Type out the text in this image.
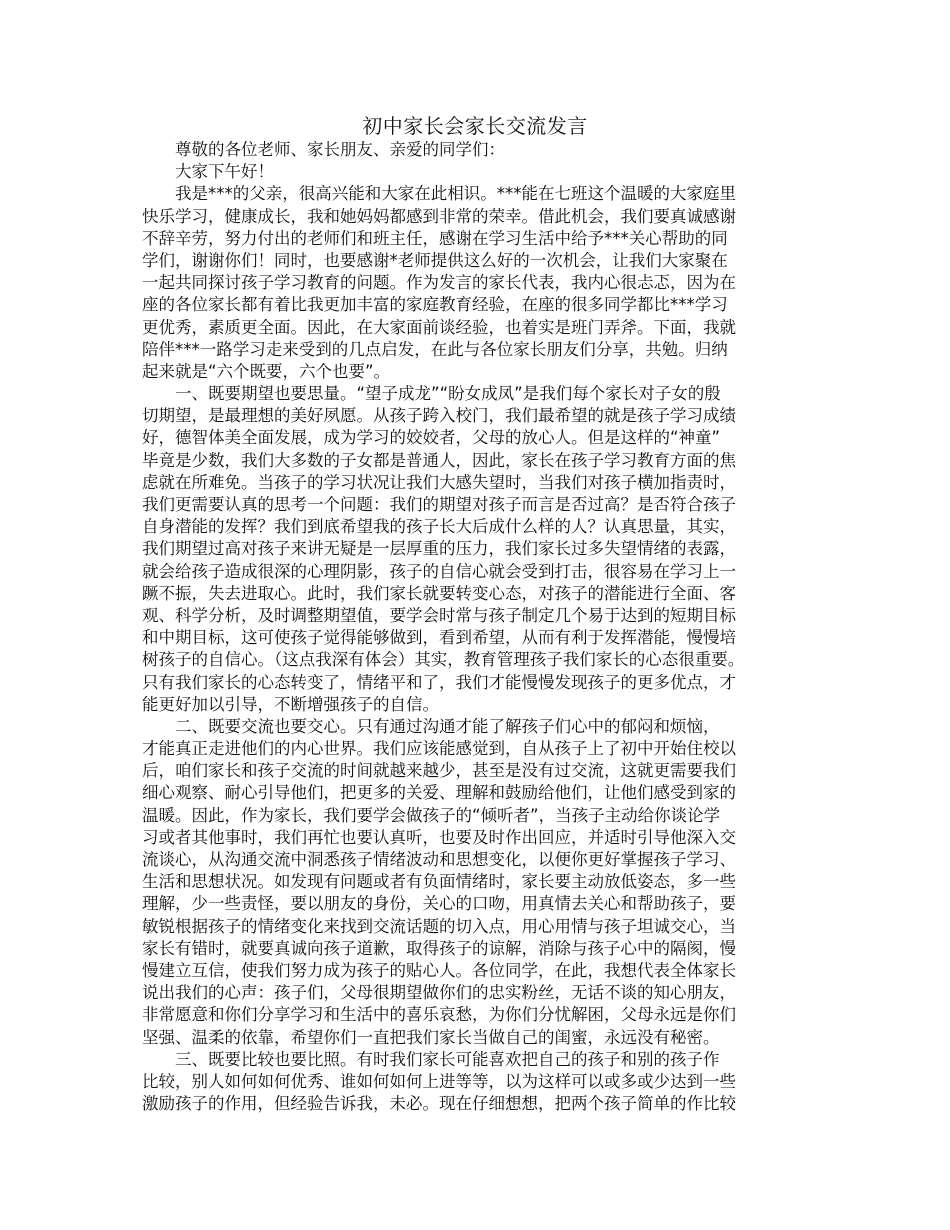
初中家长会家长交流发言
尊敬的各位老师、家长朋友、亲爱的同学们：
大家下午好！
我是***的父亲，很高兴能和大家在此相识。***能在七班这个温暖的大家庭里
快乐学习，健康成长，我和她妈妈都感到非常的荣幸。借此机会，我们要真诚感谢
不辞辛劳，努力付出的老师们和班主任，感谢在学习生活中给予***关心帮助的同
学们，谢谢你们！同时，也要感谢*老师提供这么好的一次机会，让我们大家聚在
一起共同探讨孩子学习教育的问题。作为发言的家长代表，我内心很忐忑，因为在
座的各位家长都有着比我更加丰富的家庭教育经验，在座的很多同学都比***学习
更优秀，素质更全面。因此，在大家面前谈经验，也着实是班门弄斧。下面，我就
陪伴***一路学习走来受到的几点启发，在此与各位家长朋友们分享，共勉。归纳
起来就是“六个既要，六个也要”。
一、既要期望也要思量。“望子成龙”“盼女成凤”是我们每个家长对子女的殷
切期望，是最理想的美好夙愿。从孩子跨入校门，我们最希望的就是孩子学习成绩
好，德智体美全面发展，成为学习的姣姣者，父母的放心人。但是这样的“神童”
毕竟是少数，我们大多数的子女都是普通人，因此，家长在孩子学习教育方面的焦
虑就在所难免。当孩子的学习状况让我们大感失望时，当我们对孩子横加指责时，
我们更需要认真的思考一个问题：我们的期望对孩子而言是否过高？是否符合孩子
自身潜能的发挥？我们到底希望我的孩子长大后成什么样的人？认真思量，其实，
我们期望过高对孩子来讲无疑是一层厚重的压力，我们家长过多失望情绪的表露，
就会给孩子造成很深的心理阴影，孩子的自信心就会受到打击，很容易在学习上一
蹶不振，失去进取心。此时，我们家长就要转变心态，对孩子的潜能进行全面、客
观、科学分析，及时调整期望值，要学会时常与孩子制定几个易于达到的短期目标
和中期目标，这可使孩子觉得能够做到，看到希望，从而有利于发挥潜能，慢慢培
树孩子的自信心。（这点我深有体会）其实，教育管理孩子我们家长的心态很重要。
只有我们家长的心态转变了，情绪平和了，我们才能慢慢发现孩子的更多优点，才
能更好加以引导，不断增强孩子的自信。
二、既要交流也要交心。只有通过沟通才能了解孩子们心中的郁闷和烦恼，
才能真正走进他们的内心世界。我们应该能感觉到，自从孩子上了初中开始住校以
后，咱们家长和孩子交流的时间就越来越少，甚至是没有过交流，这就更需要我们
细心观察、耐心引导他们，把更多的关爱、理解和鼓励给他们，让他们感受到家的
温暖。因此，作为家长，我们要学会做孩子的“倾听者”，当孩子主动给你谈论学
习或者其他事时，我们再忙也要认真听，也要及时作出回应，并适时引导他深入交
流谈心，从沟通交流中洞悉孩子情绪波动和思想变化，以便你更好掌握孩子学习、
生活和思想状况。如发现有问题或者有负面情绪时，家长要主动放低姿态，多一些
理解，少一些责怪，要以朋友的身份，关心的口吻，用真情去关心和帮助孩子，要
敏锐根据孩子的情绪变化来找到交流话题的切入点，用心用情与孩子坦诚交心，当
家长有错时，就要真诚向孩子道歉，取得孩子的谅解，消除与孩子心中的隔阂，慢
慢建立互信，使我们努力成为孩子的贴心人。各位同学，在此，我想代表全体家长
说出我们的心声：孩子们，父母很期望做你们的忠实粉丝，无话不谈的知心朋友，
非常愿意和你们分享学习和生活中的喜乐哀愁，为你们分忧解困，父母永远是你们
坚强、温柔的依靠，希望你们一直把我们家长当做自己的闺蜜，永远没有秘密。
三、既要比较也要比照。有时我们家长可能喜欢把自己的孩子和别的孩子作
比较，别人如何如何优秀、谁如何如何上进等等，以为这样可以或多或少达到一些
激励孩子的作用，但经验告诉我，未必。现在仔细想想，把两个孩子简单的作比较
